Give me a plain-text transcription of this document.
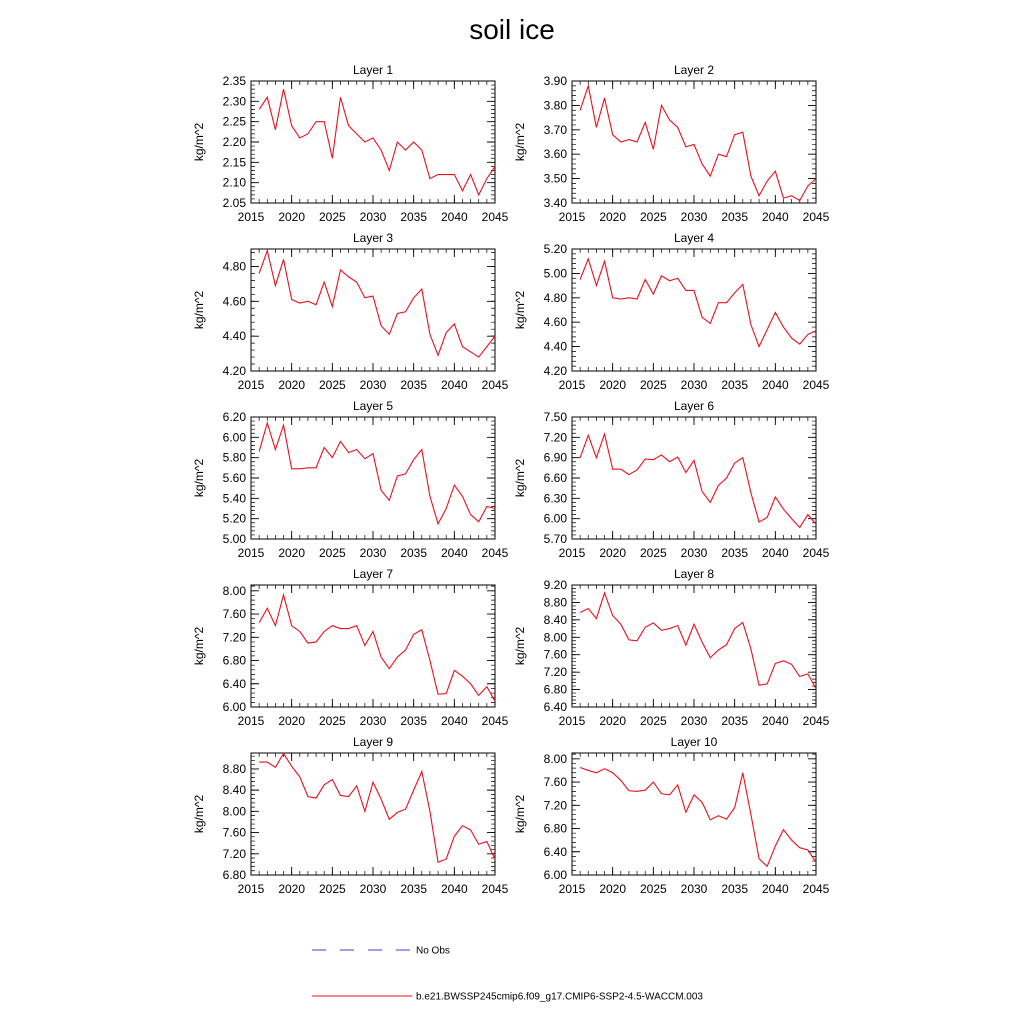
soil ice
2015 2020 2025 2030 2035 2040 2045
2.05
2.10
2.15
2.20
2.25
2.30
2.35
Layer 1
kg/m^2
2015 2020 2025 2030 2035 2040 2045
3.40
3.50
3.60
3.70
3.80
3.90
Layer 2
kg/m^2
2015 2020 2025 2030 2035 2040 2045
4.20
4.40
4.60
4.80
Layer 3
kg/m^2
2015 2020 2025 2030 2035 2040 2045
4.20
4.40
4.60
4.80
5.00
5.20
Layer 4
kg/m^2
2015 2020 2025 2030 2035 2040 2045
5.00
5.20
5.40
5.60
5.80
6.00
6.20
Layer 5
kg/m^2
2015 2020 2025 2030 2035 2040 2045
5.70
6.00
6.30
6.60
6.90
7.20
7.50
Layer 6
kg/m^2
2015 2020 2025 2030 2035 2040 2045
6.00
6.40
6.80
7.20
7.60
8.00
Layer 7
kg/m^2
2015 2020 2025 2030 2035 2040 2045
6.40
6.80
7.20
7.60
8.00
8.40
8.80
9.20
Layer 8
kg/m^2
2015 2020 2025 2030 2035 2040 2045
6.80
7.20
7.60
8.00
8.40
8.80
Layer 9
kg/m^2
2015 2020 2025 2030 2035 2040 2045
6.00
6.40
6.80
7.20
7.60
8.00
Layer 10
kg/m^2
No Obs
b.e21.BWSSP245cmip6.f09_g17.CMIP6-SSP2-4.5-WACCM.003
